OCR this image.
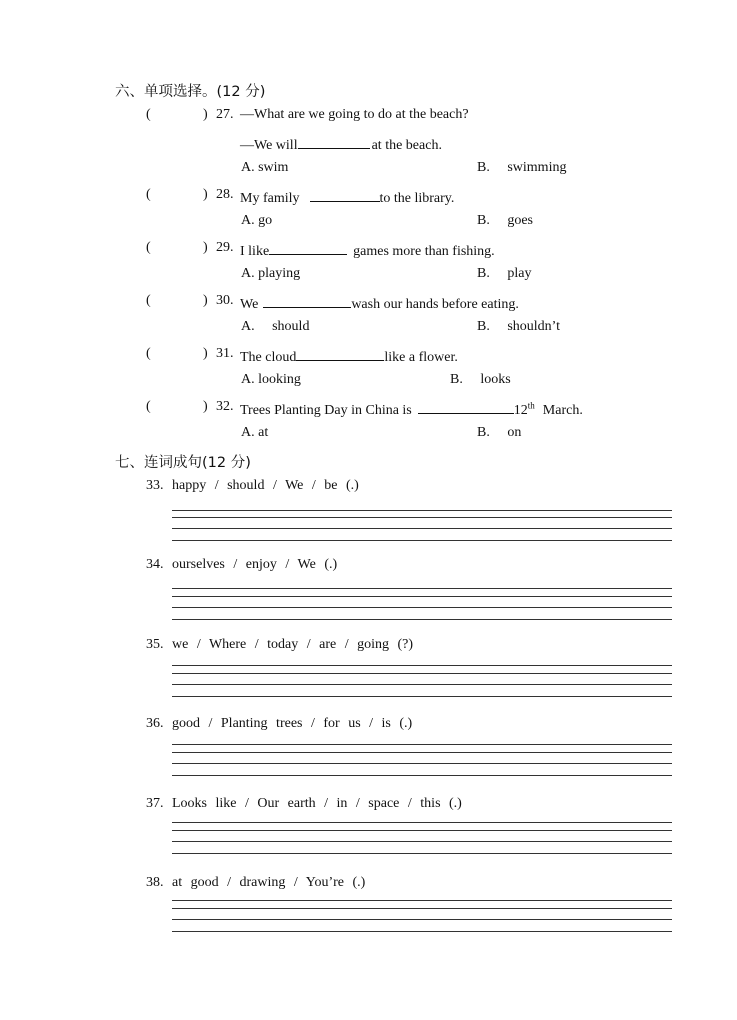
六、单项选择。(12 分)
(	) 27. —What are we going to do at the beach?
—We will	at the beach.
A. swim	B. swimming
(	) 28. My family	to the library.
A. go	B. goes
(	) 29. I like	games more than fishing.
A. playing	B. play
(	) 30. We	wash our hands before eating.
A. should	B. shouldn’t
(	) 31. The cloud	like a flower.
A. looking	B. looks
(	) 32. Trees Planting Day in China is	12th March.
A. at	B. on
七、连词成句(12 分)
33. happy / should / We / be (.)
34. ourselves / enjoy / We (.)
35. we / Where / today / are / going (?)
36. good / Planting trees / for us / is (.)
37. Looks like / Our earth / in / space / this (.)
38. at good / drawing / You’re (.)
